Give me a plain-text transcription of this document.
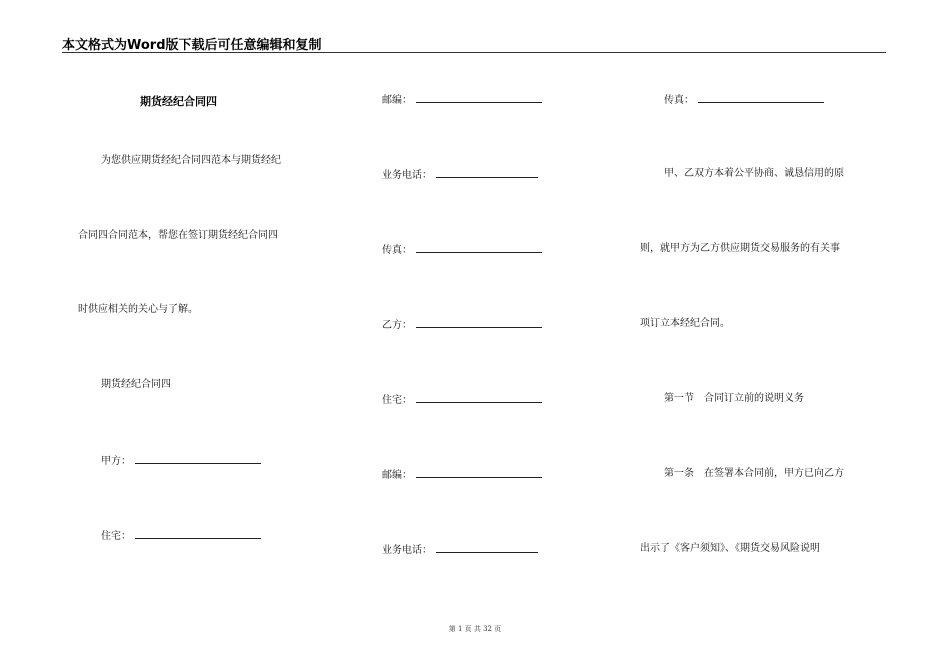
本文格式为Word版下载后可任意编辑和复制
期货经纪合同四
为您供应期货经纪合同四范本与期货经纪
合同四合同范本，帮您在签订期货经纪合同四
时供应相关的关心与了解。
期货经纪合同四
甲方：
住宅：
邮编：
业务电话：
传真：
乙方：
住宅：
邮编：
业务电话：
传真：
甲、乙双方本着公平协商、诚恳信用的原
则，就甲方为乙方供应期货交易服务的有关事
项订立本经纪合同。
第一节　合同订立前的说明义务
第一条　在签署本合同前，甲方已向乙方
出示了《客户须知》、《期货交易风险说明
第 1 页 共 32 页
